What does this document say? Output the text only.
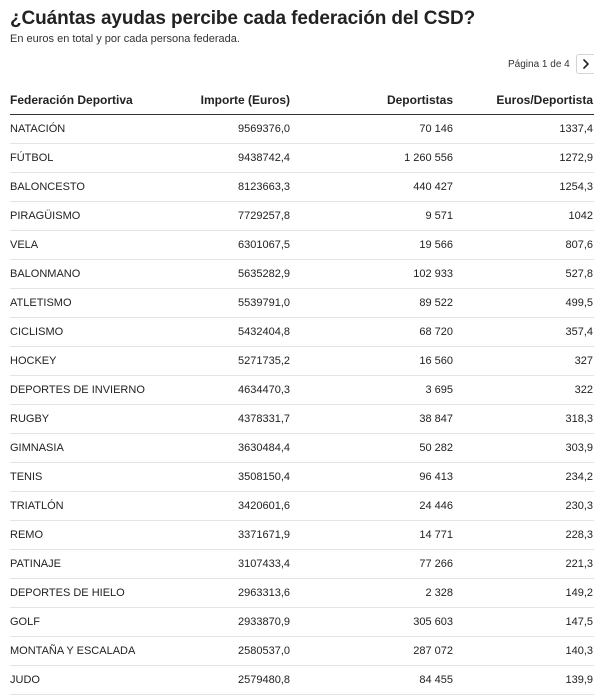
¿Cuántas ayudas percibe cada federación del CSD?
En euros en total y por cada persona federada.
Página 1 de 4
Federación Deportiva	Importe (Euros)	Deportistas	Euros/Deportista
NATACIÓN	9569376,0	70 146	1337,4
FÚTBOL	9438742,4	1 260 556	1272,9
BALONCESTO	8123663,3	440 427	1254,3
PIRAGÜISMO	7729257,8	9 571	1042
VELA	6301067,5	19 566	807,6
BALONMANO	5635282,9	102 933	527,8
ATLETISMO	5539791,0	89 522	499,5
CICLISMO	5432404,8	68 720	357,4
HOCKEY	5271735,2	16 560	327
DEPORTES DE INVIERNO	4634470,3	3 695	322
RUGBY	4378331,7	38 847	318,3
GIMNASIA	3630484,4	50 282	303,9
TENIS	3508150,4	96 413	234,2
TRIATLÓN	3420601,6	24 446	230,3
REMO	3371671,9	14 771	228,3
PATINAJE	3107433,4	77 266	221,3
DEPORTES DE HIELO	2963313,6	2 328	149,2
GOLF	2933870,9	305 603	147,5
MONTAÑA Y ESCALADA	2580537,0	287 072	140,3
JUDO	2579480,8	84 455	139,9
